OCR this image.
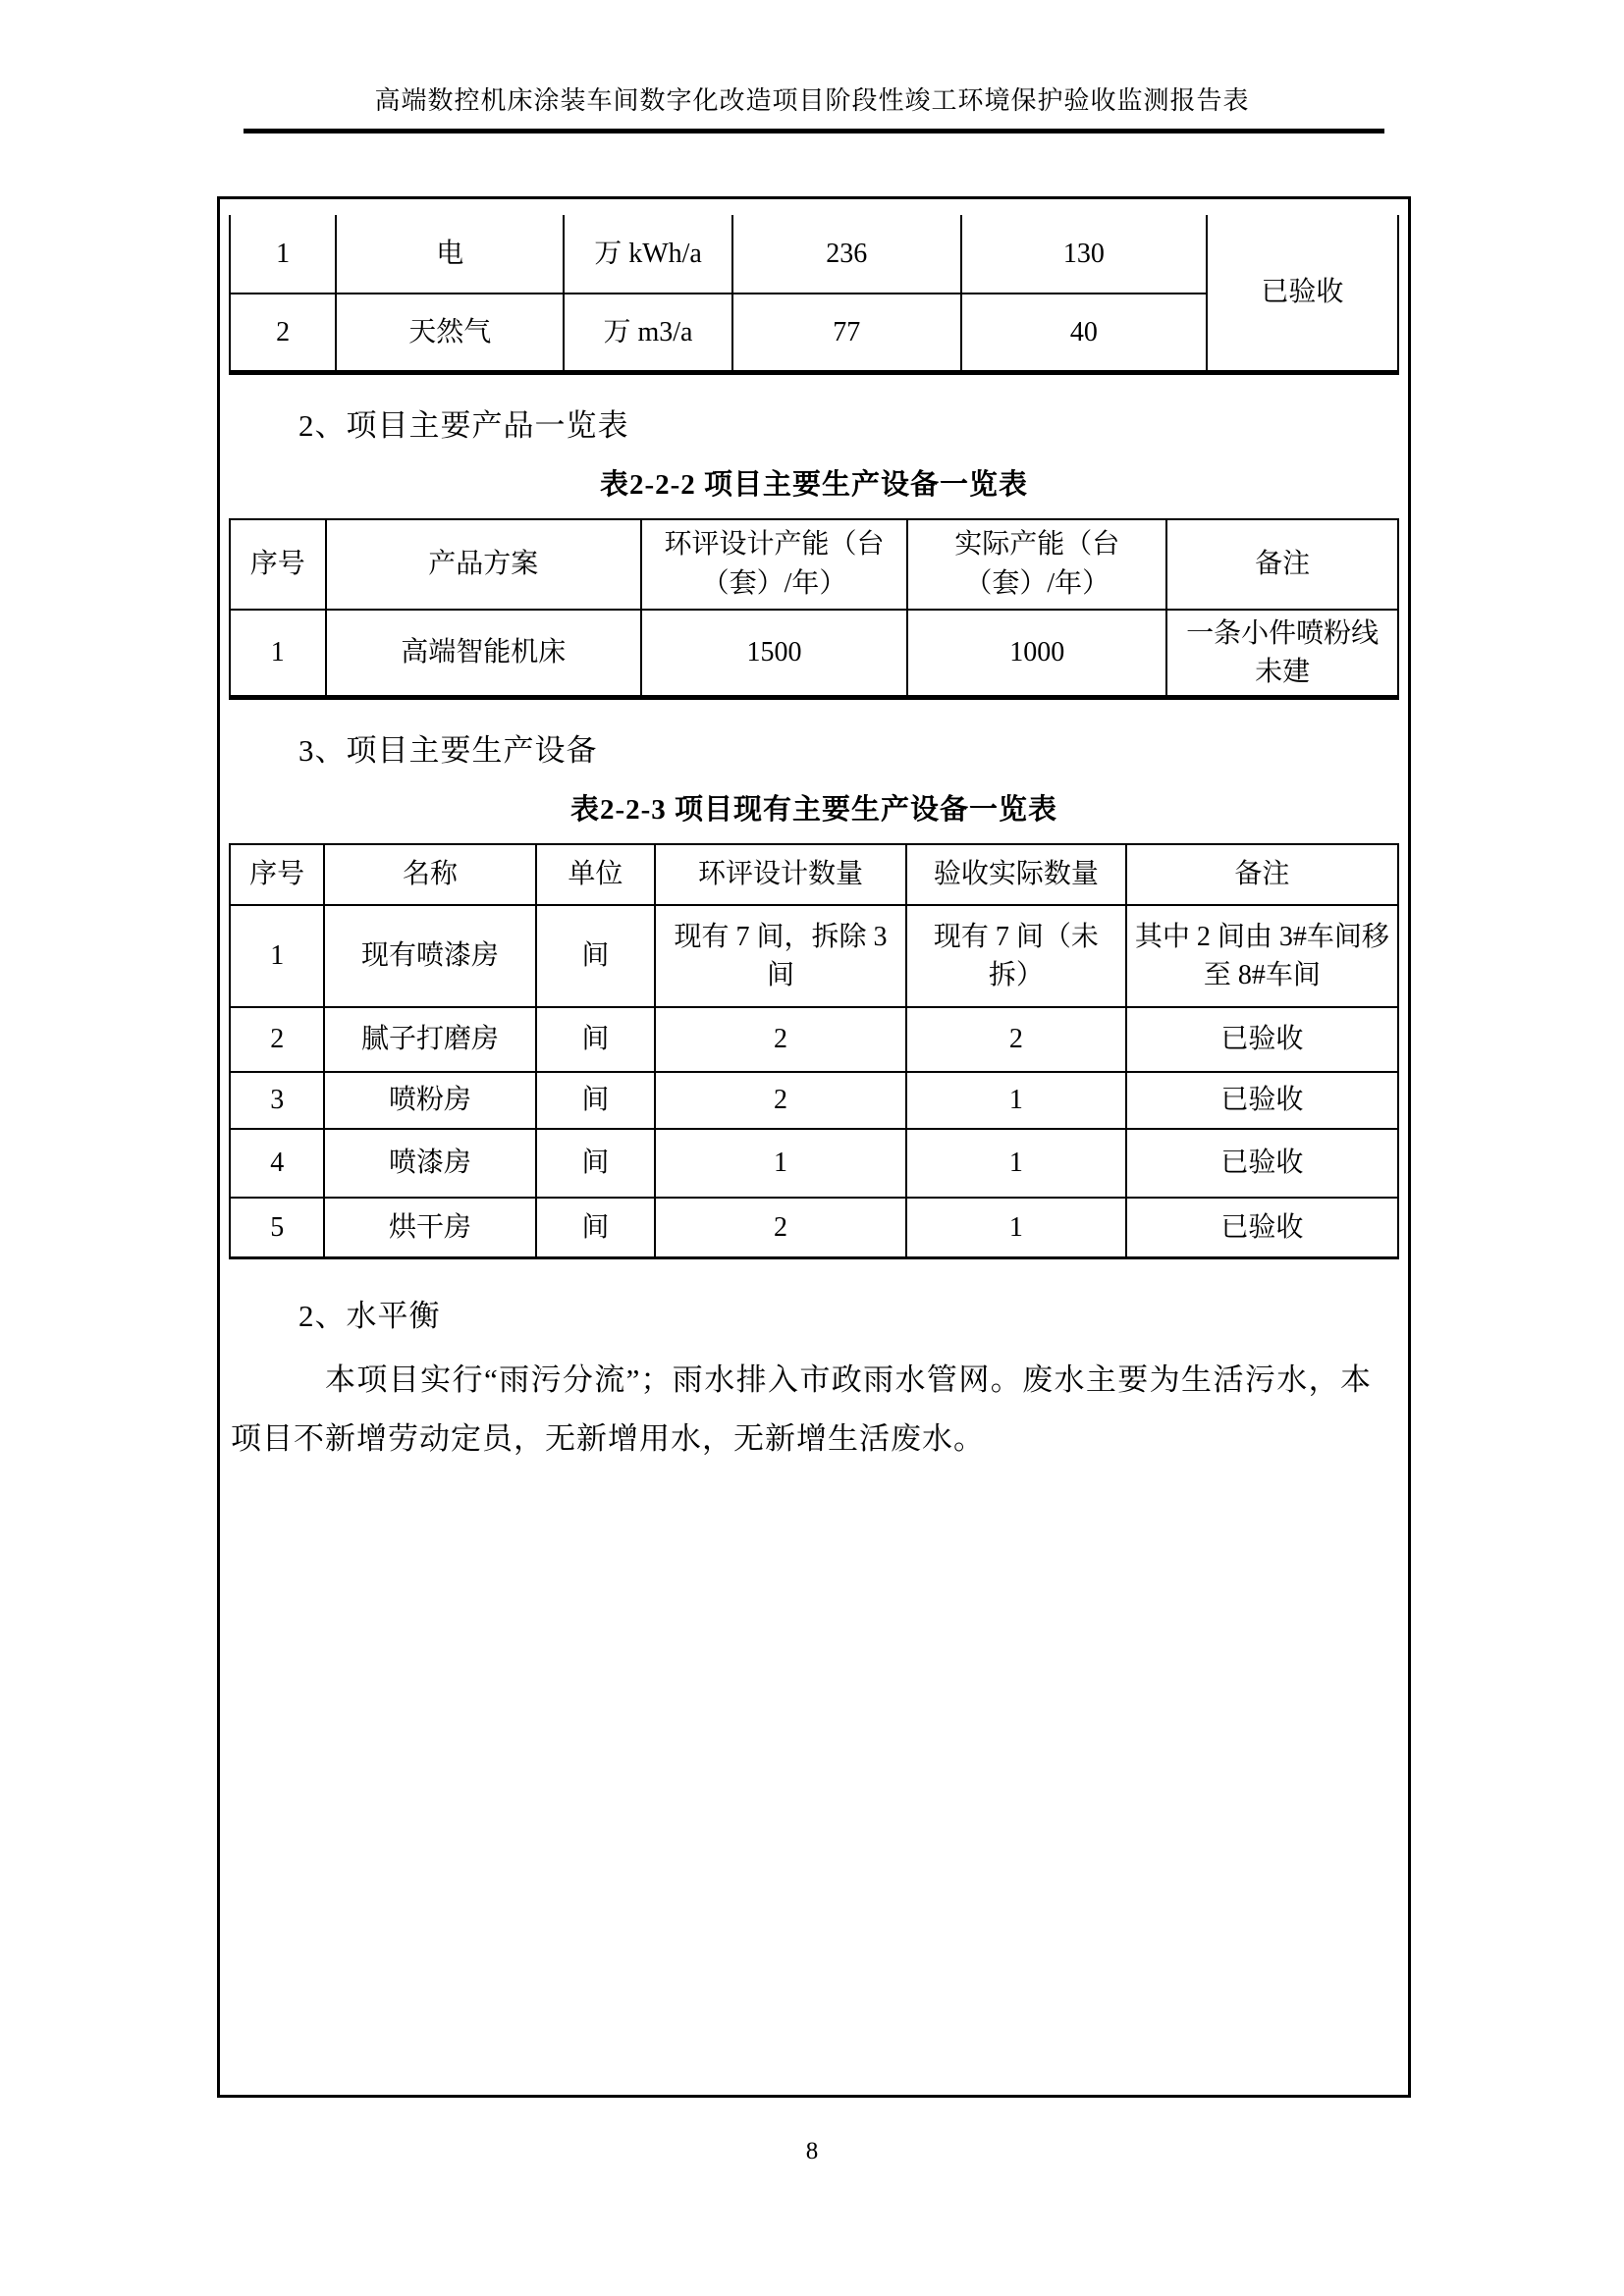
高端数控机床涂装车间数字化改造项目阶段性竣工环境保护验收监测报告表
1	电	万 kWh/a	236	130	已验收
2	天然气	万 m3/a	77	40	
2、项目主要产品一览表
表2-2-2 项目主要生产设备一览表
序号	产品方案	环评设计产能（台（套）/年）	实际产能（台（套）/年）	备注
1	高端智能机床	1500	1000	一条小件喷粉线未建
3、项目主要生产设备
表2-2-3 项目现有主要生产设备一览表
序号	名称	单位	环评设计数量	验收实际数量	备注
1	现有喷漆房	间	现有 7 间，拆除 3 间	现有 7 间（未拆）	其中 2 间由 3#车间移至 8#车间
2	腻子打磨房	间	2	2	已验收
3	喷粉房	间	2	1	已验收
4	喷漆房	间	1	1	已验收
5	烘干房	间	2	1	已验收
2、水平衡

本项目实行“雨污分流”；雨水排入市政雨水管网。废水主要为生活污水，本项目不新增劳动定员，无新增用水，无新增生活废水。

8
